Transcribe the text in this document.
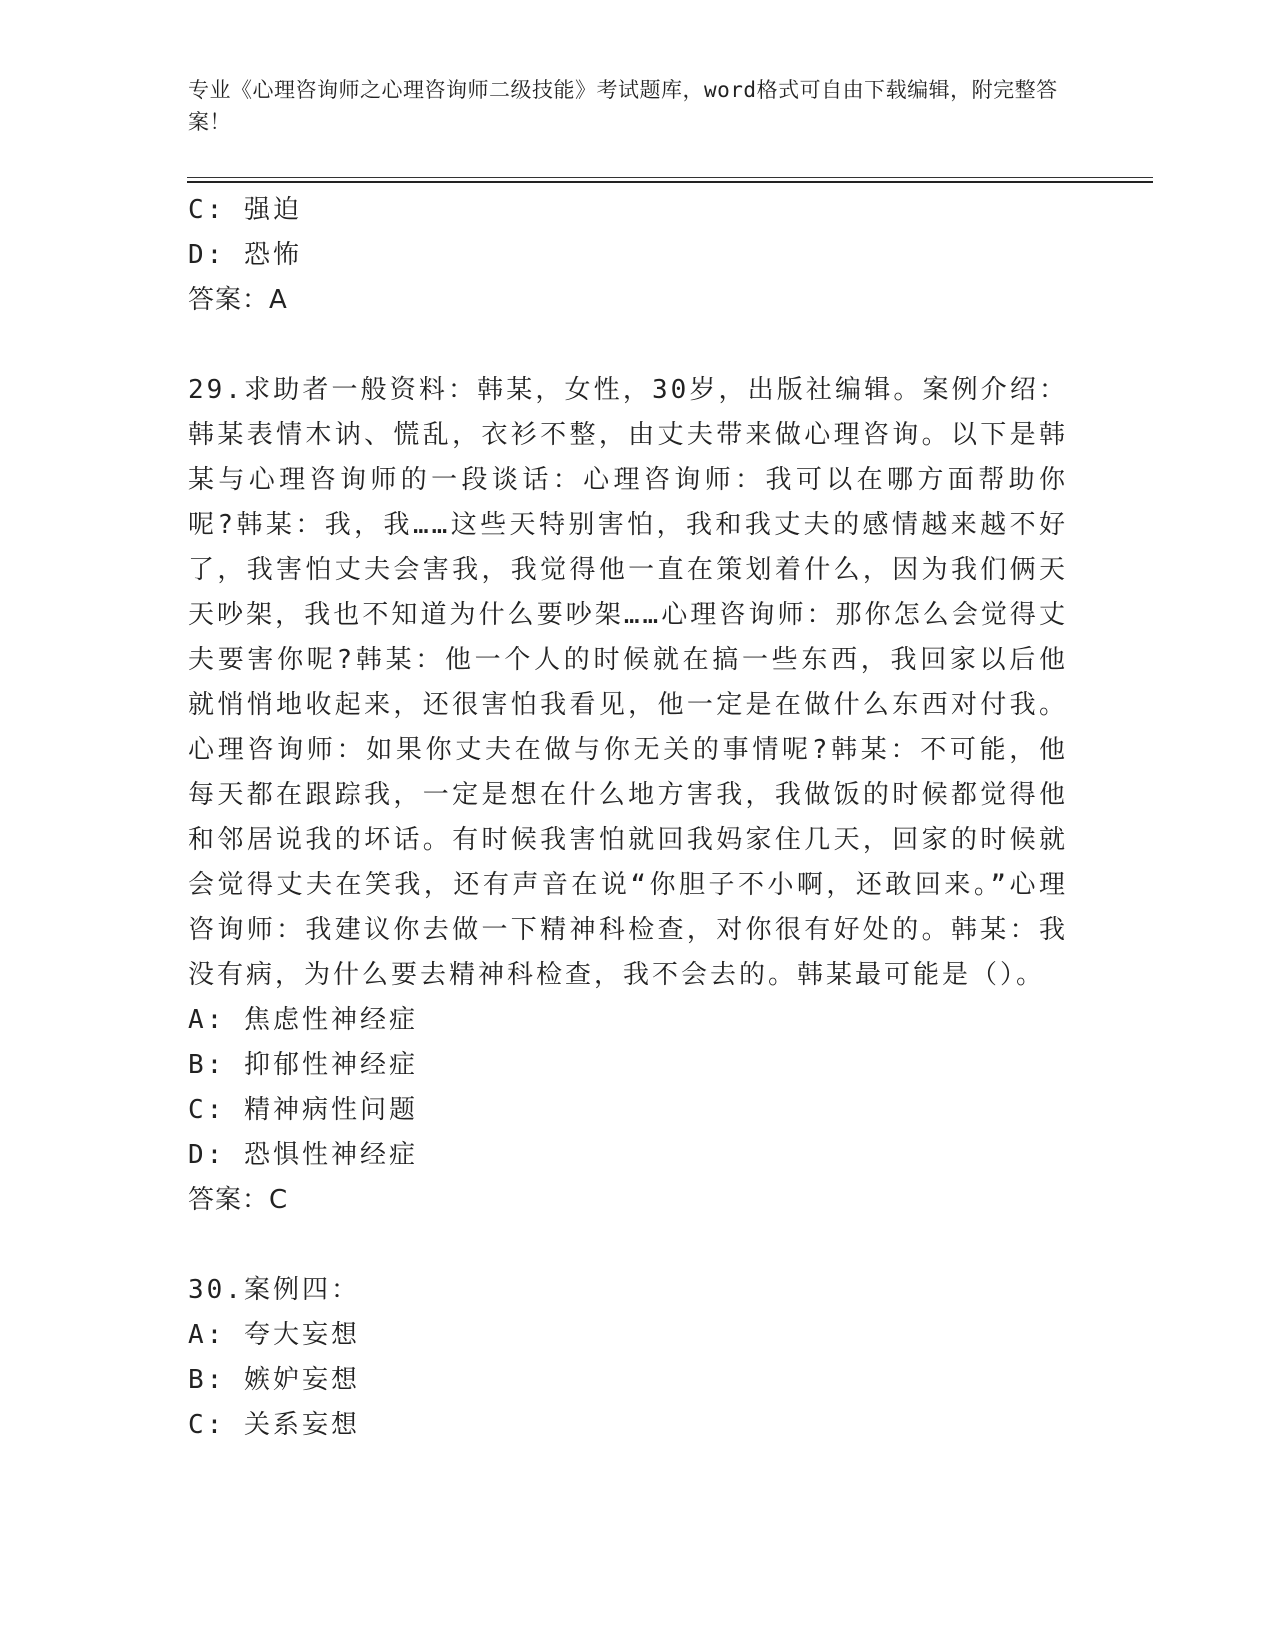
专业《心理咨询师之心理咨询师二级技能》考试题库，word格式可自由下载编辑，附完整答案！
C: 强迫
D: 恐怖
答案：A
29.求助者一般资料：韩某，女性，30岁，出版社编辑。案例介绍：韩某表情木讷、慌乱，衣衫不整，由丈夫带来做心理咨询。以下是韩某与心理咨询师的一段谈话：心理咨询师：我可以在哪方面帮助你呢?韩某：我，我……这些天特别害怕，我和我丈夫的感情越来越不好了，我害怕丈夫会害我，我觉得他一直在策划着什么，因为我们俩天天吵架，我也不知道为什么要吵架……心理咨询师：那你怎么会觉得丈夫要害你呢?韩某：他一个人的时候就在搞一些东西，我回家以后他就悄悄地收起来，还很害怕我看见，他一定是在做什么东西对付我。心理咨询师：如果你丈夫在做与你无关的事情呢?韩某：不可能，他每天都在跟踪我，一定是想在什么地方害我，我做饭的时候都觉得他和邻居说我的坏话。有时候我害怕就回我妈家住几天，回家的时候就会觉得丈夫在笑我，还有声音在说“你胆子不小啊，还敢回来。”心理咨询师：我建议你去做一下精神科检查，对你很有好处的。韩某：我没有病，为什么要去精神科检查，我不会去的。韩某最可能是（）。
A: 焦虑性神经症
B: 抑郁性神经症
C: 精神病性问题
D: 恐惧性神经症
答案：C
30.案例四：
A: 夸大妄想
B: 嫉妒妄想
C: 关系妄想
